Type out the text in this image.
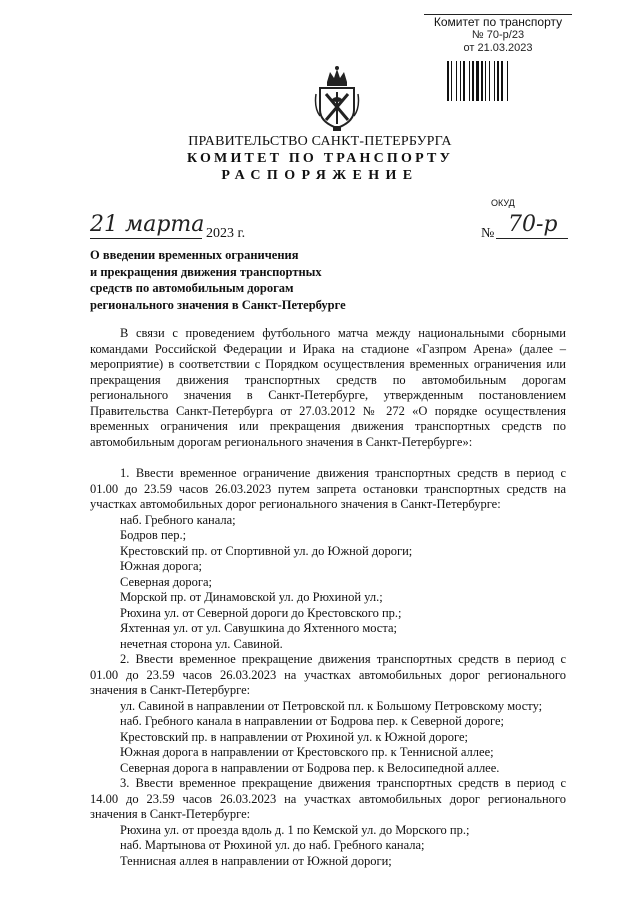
Комитет по транспорту
№ 70-р/23
от 21.03.2023
ПРАВИТЕЛЬСТВО САНКТ-ПЕТЕРБУРГА
КОМИТЕТ ПО ТРАНСПОРТУ
РАСПОРЯЖЕНИЕ
ОКУД
21 марта 2023 г.	№ 70-р
О введении временных ограничения
и прекращения движения транспортных
средств по автомобильным дорогам
регионального значения в Санкт-Петербурге

В связи с проведением футбольного матча между национальными сборными командами Российской Федерации и Ирака на стадионе «Газпром Арена» (далее – мероприятие) в соответствии с Порядком осуществления временных ограничения или прекращения движения транспортных средств по автомобильным дорогам регионального значения в Санкт-Петербурге, утвержденным постановлением Правительства Санкт-Петербурга от 27.03.2012 № 272 «О порядке осуществления временных ограничения или прекращения движения транспортных средств по автомобильным дорогам регионального значения в Санкт-Петербурге»:

1. Ввести временное ограничение движения транспортных средств в период с 01.00 до 23.59 часов 26.03.2023 путем запрета остановки транспортных средств на участках автомобильных дорог регионального значения в Санкт-Петербурге:

наб. Гребного канала;
Бодров пер.;
Крестовский пр. от Спортивной ул. до Южной дороги;
Южная дорога;
Северная дорога;
Морской пр. от Динамовской ул. до Рюхиной ул.;
Рюхина ул. от Северной дороги до Крестовского пр.;
Яхтенная ул. от ул. Савушкина до Яхтенного моста;
нечетная сторона ул. Савиной.

2. Ввести временное прекращение движения транспортных средств в период с 01.00 до 23.59 часов 26.03.2023 на участках автомобильных дорог регионального значения в Санкт-Петербурге:

ул. Савиной в направлении от Петровской пл. к Большому Петровскому мосту;
наб. Гребного канала в направлении от Бодрова пер. к Северной дороге;
Крестовский пр. в направлении от Рюхиной ул. к Южной дороге;
Южная дорога в направлении от Крестовского пр. к Теннисной аллее;
Северная дорога в направлении от Бодрова пер. к Велосипедной аллее.

3. Ввести временное прекращение движения транспортных средств в период с 14.00 до 23.59 часов 26.03.2023 на участках автомобильных дорог регионального значения в Санкт-Петербурге:

Рюхина ул. от проезда вдоль д. 1 по Кемской ул. до Морского пр.;
наб. Мартынова от Рюхиной ул. до наб. Гребного канала;
Теннисная аллея в направлении от Южной дороги;
